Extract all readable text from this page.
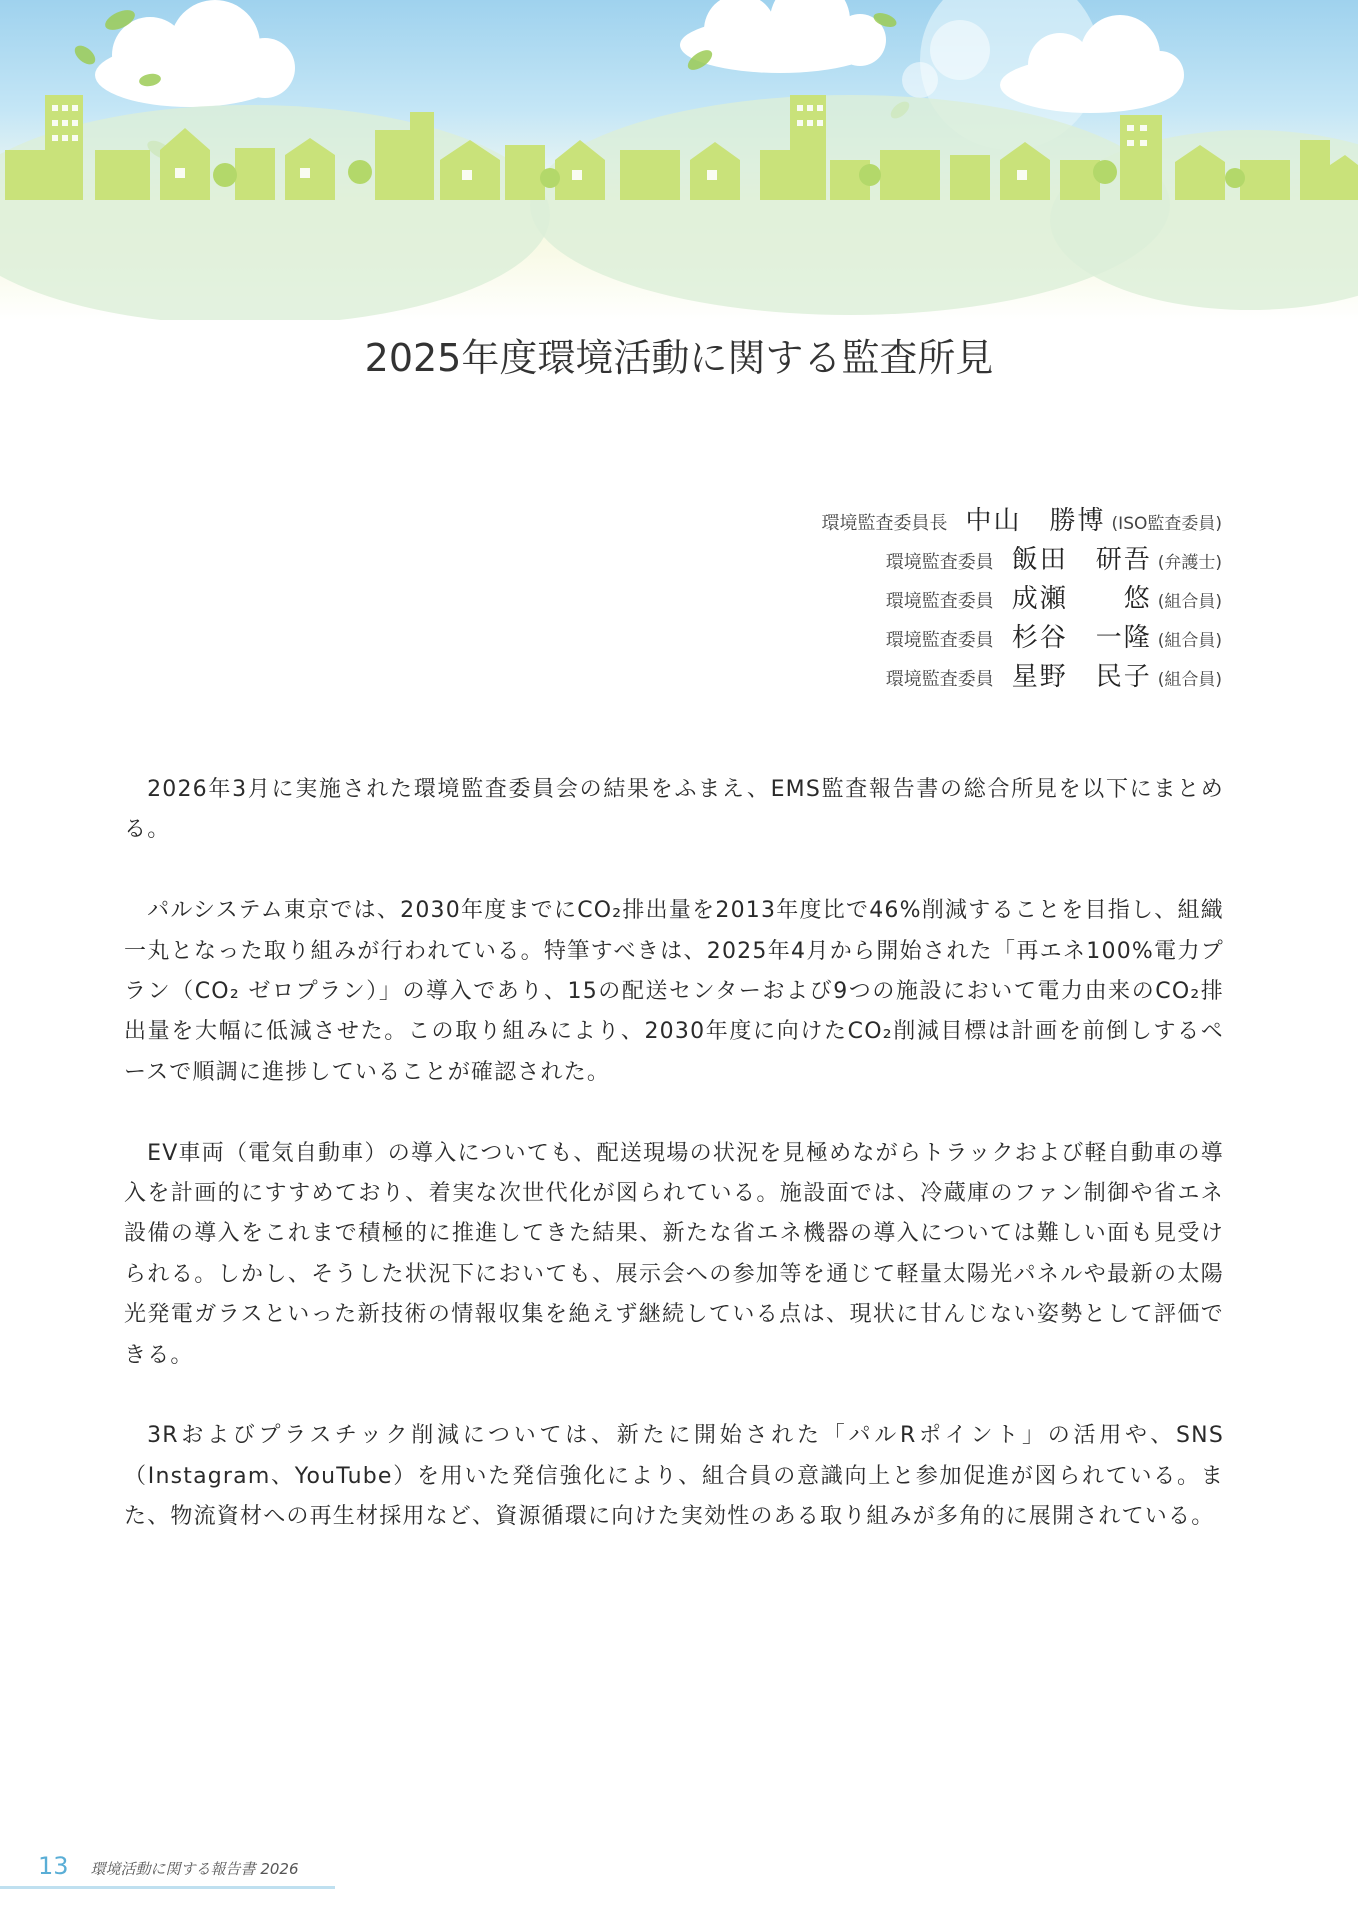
2025年度環境活動に関する監査所見
環境監査委員長 中山　勝博 (ISO監査委員)
環境監査委員 飯田　研吾 (弁護士)
環境監査委員 成瀬　　悠 (組合員)
環境監査委員 杉谷　一隆 (組合員)
環境監査委員 星野　民子 (組合員)

2026年3月に実施された環境監査委員会の結果をふまえ、EMS監査報告書の総合所見を以下にまとめる。

パルシステム東京では、2030年度までにCO₂排出量を2013年度比で46%削減することを目指し、組織一丸となった取り組みが行われている。特筆すべきは、2025年4月から開始された「再エネ100%電力プラン（CO₂ ゼロプラン）」の導入であり、15の配送センターおよび9つの施設において電力由来のCO₂排出量を大幅に低減させた。この取り組みにより、2030年度に向けたCO₂削減目標は計画を前倒しするペースで順調に進捗していることが確認された。

EV車両（電気自動車）の導入についても、配送現場の状況を見極めながらトラックおよび軽自動車の導入を計画的にすすめており、着実な次世代化が図られている。施設面では、冷蔵庫のファン制御や省エネ設備の導入をこれまで積極的に推進してきた結果、新たな省エネ機器の導入については難しい面も見受けられる。しかし、そうした状況下においても、展示会への参加等を通じて軽量太陽光パネルや最新の太陽光発電ガラスといった新技術の情報収集を絶えず継続している点は、現状に甘んじない姿勢として評価できる。

3Rおよびプラスチック削減については、新たに開始された「パルRポイント」の活用や、SNS（Instagram、YouTube）を用いた発信強化により、組合員の意識向上と参加促進が図られている。また、物流資材への再生材採用など、資源循環に向けた実効性のある取り組みが多角的に展開されている。

13 環境活動に関する報告書 2026
